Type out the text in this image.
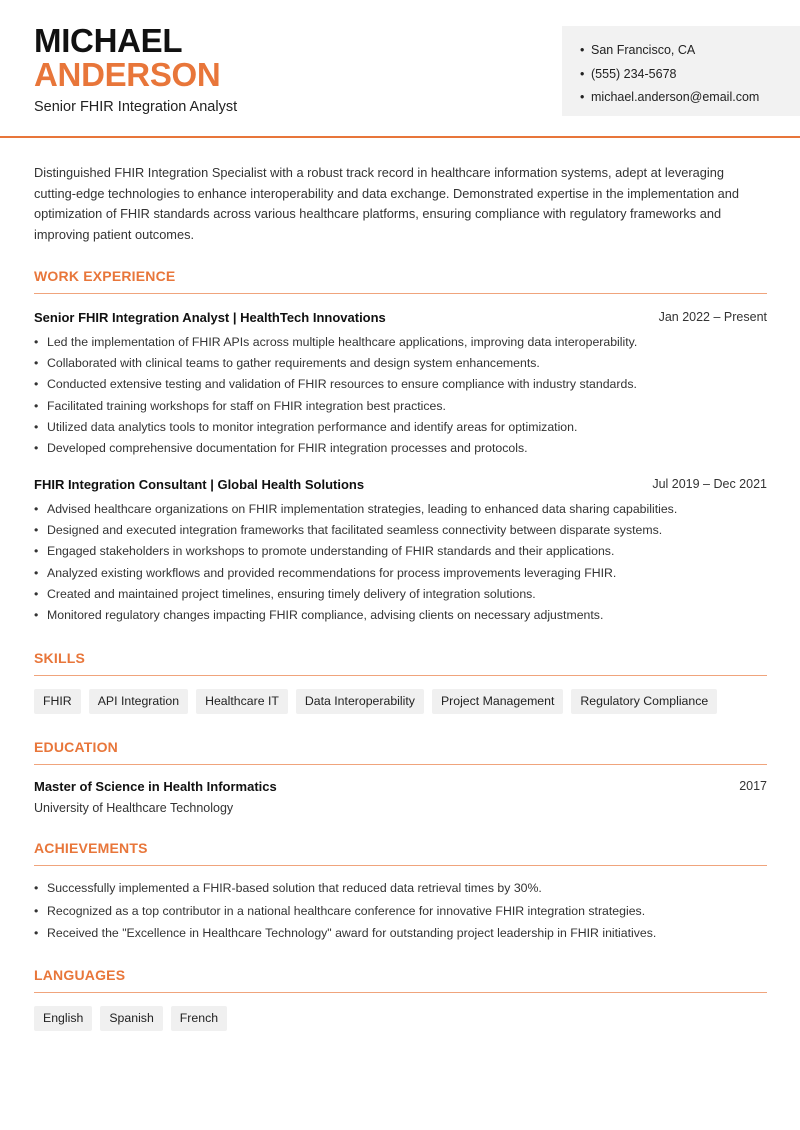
MICHAEL
ANDERSON
Senior FHIR Integration Analyst
• San Francisco, CA
• (555) 234-5678
• michael.anderson@email.com

Distinguished FHIR Integration Specialist with a robust track record in healthcare information systems, adept at leveraging cutting-edge technologies to enhance interoperability and data exchange. Demonstrated expertise in the implementation and optimization of FHIR standards across various healthcare platforms, ensuring compliance with regulatory frameworks and improving patient outcomes.

WORK EXPERIENCE
Senior FHIR Integration Analyst | HealthTech Innovations	Jan 2022 – Present
• Led the implementation of FHIR APIs across multiple healthcare applications, improving data interoperability.
• Collaborated with clinical teams to gather requirements and design system enhancements.
• Conducted extensive testing and validation of FHIR resources to ensure compliance with industry standards.
• Facilitated training workshops for staff on FHIR integration best practices.
• Utilized data analytics tools to monitor integration performance and identify areas for optimization.
• Developed comprehensive documentation for FHIR integration processes and protocols.
FHIR Integration Consultant | Global Health Solutions	Jul 2019 – Dec 2021
• Advised healthcare organizations on FHIR implementation strategies, leading to enhanced data sharing capabilities.
• Designed and executed integration frameworks that facilitated seamless connectivity between disparate systems.
• Engaged stakeholders in workshops to promote understanding of FHIR standards and their applications.
• Analyzed existing workflows and provided recommendations for process improvements leveraging FHIR.
• Created and maintained project timelines, ensuring timely delivery of integration solutions.
• Monitored regulatory changes impacting FHIR compliance, advising clients on necessary adjustments.
SKILLS
FHIR	API Integration	Healthcare IT	Data Interoperability	Project Management	Regulatory Compliance
EDUCATION
Master of Science in Health Informatics	2017
University of Healthcare Technology
ACHIEVEMENTS
• Successfully implemented a FHIR-based solution that reduced data retrieval times by 30%.
• Recognized as a top contributor in a national healthcare conference for innovative FHIR integration strategies.
• Received the "Excellence in Healthcare Technology" award for outstanding project leadership in FHIR initiatives.
LANGUAGES
English	Spanish	French
